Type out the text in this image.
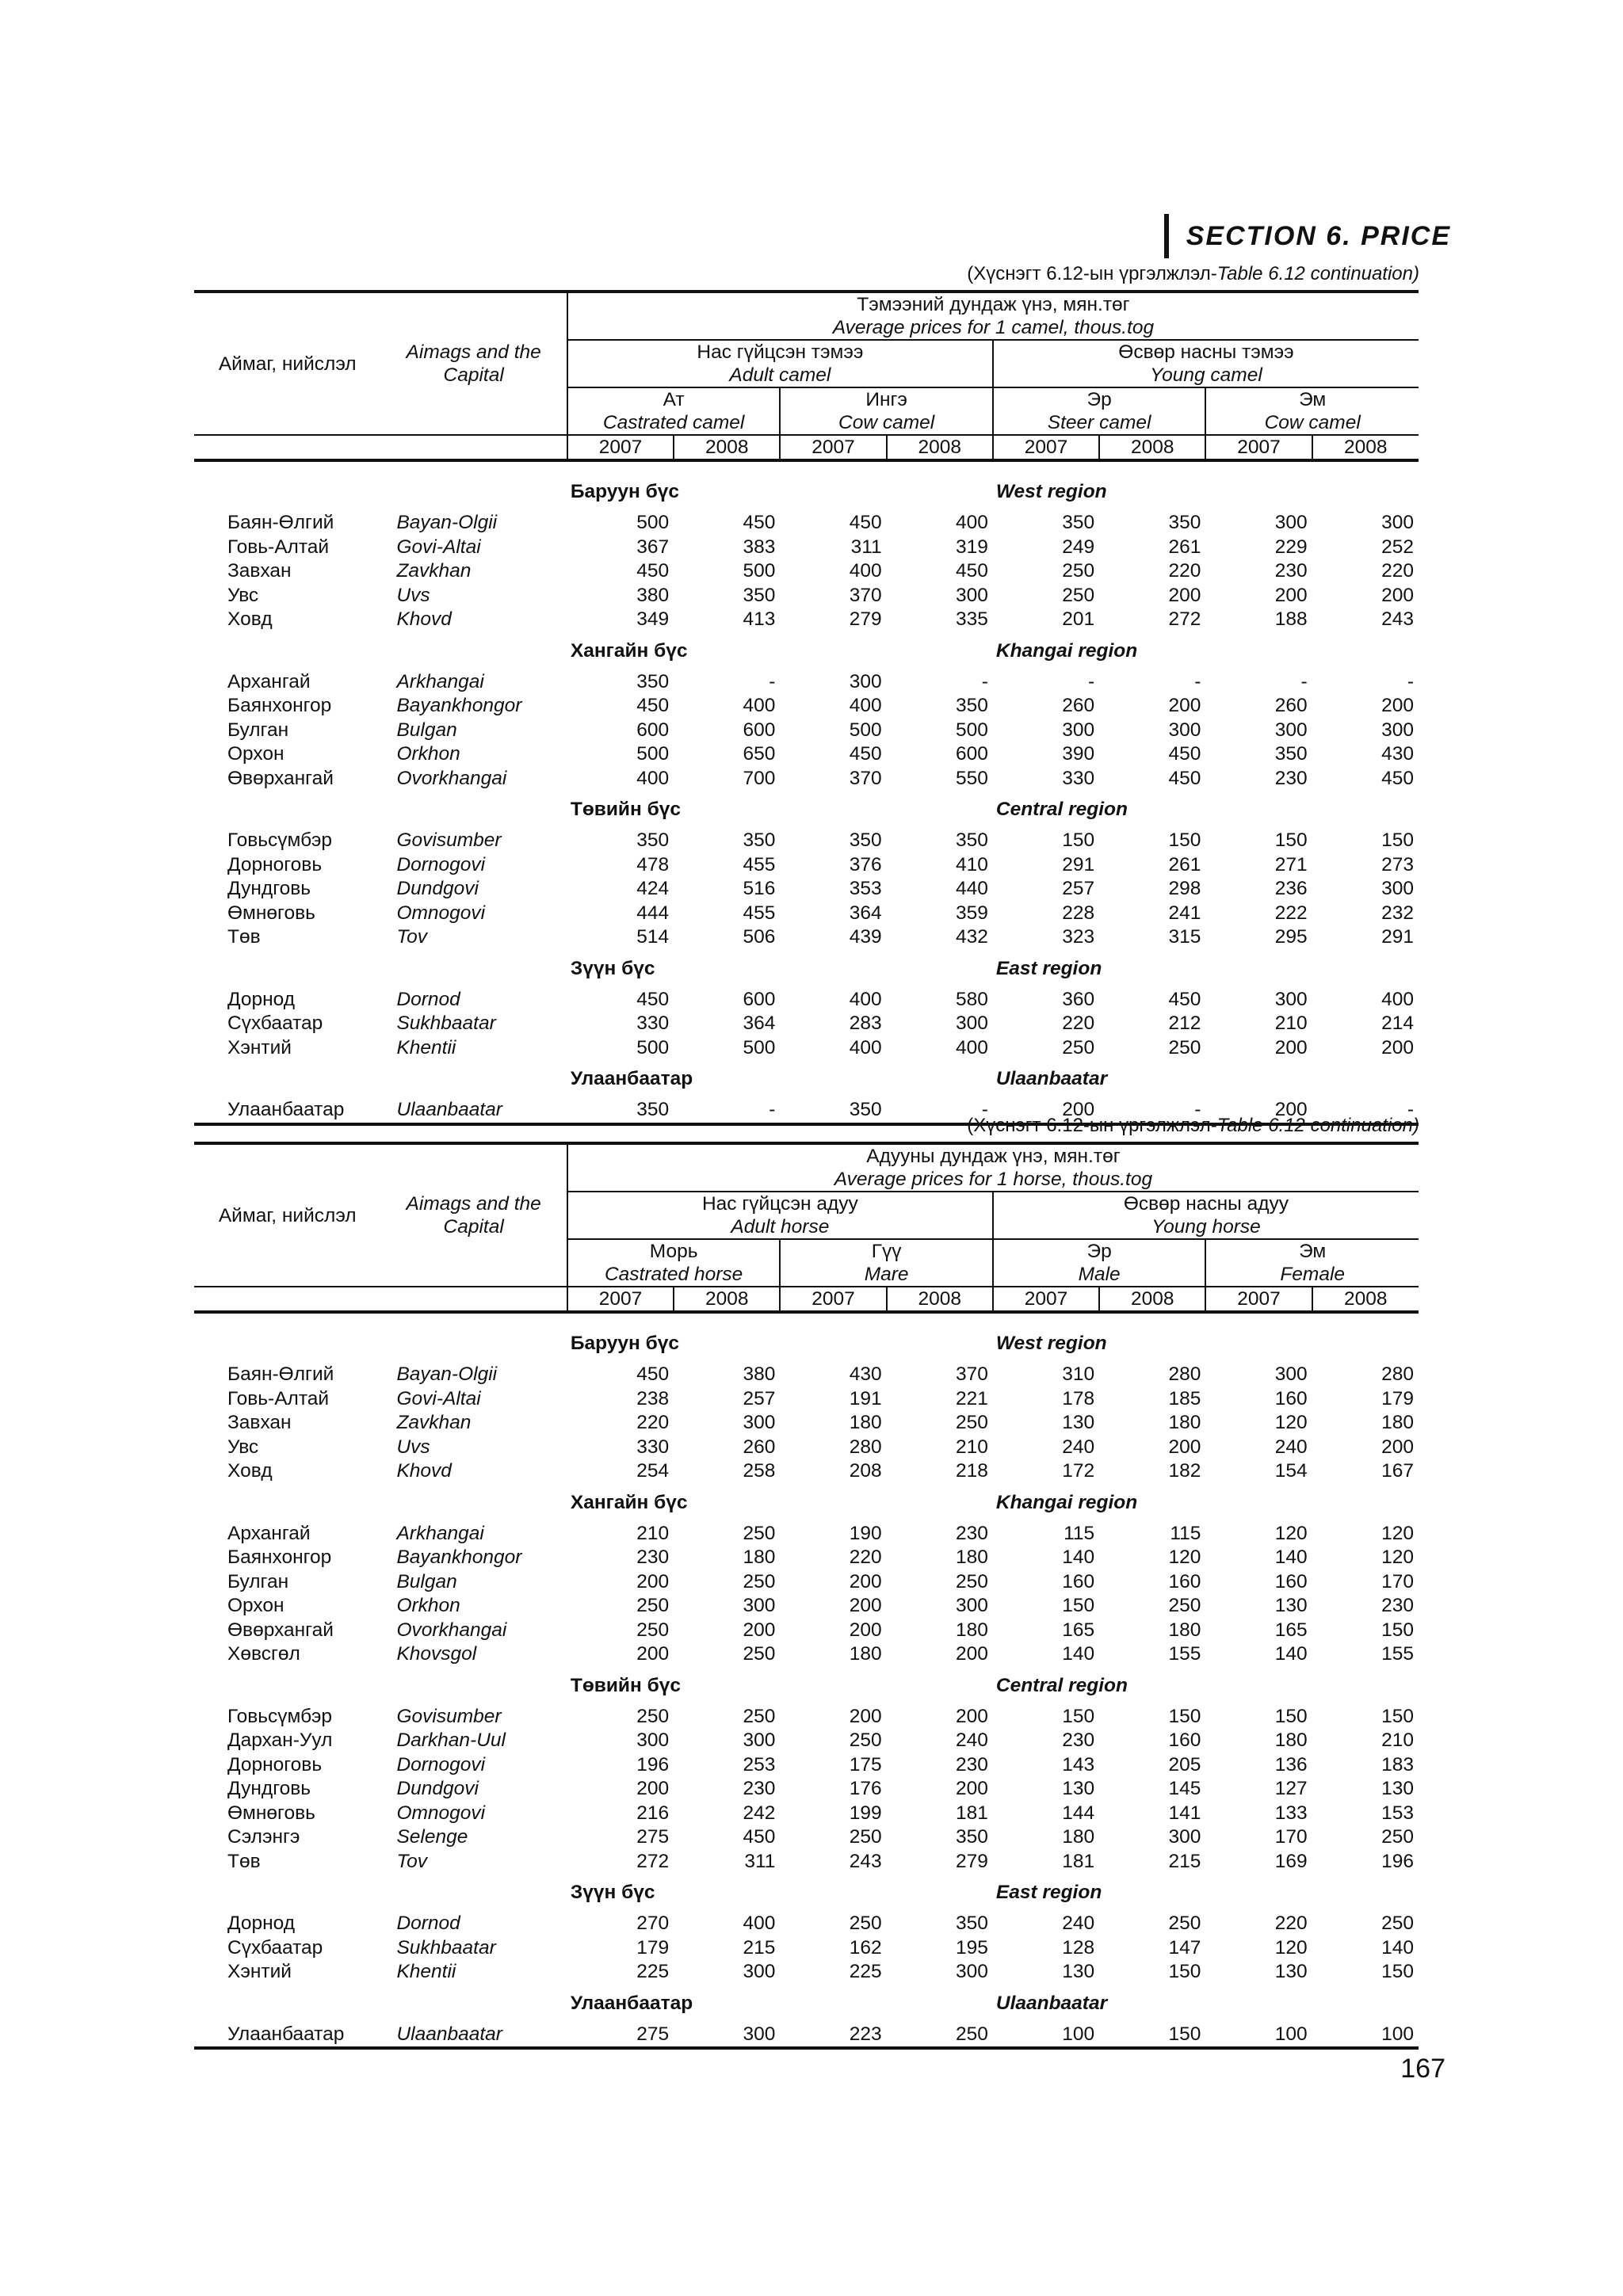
SECTION 6. PRICE
(Хүснэгт 6.12-ын үргэлжлэл-Table 6.12 continuation)
Аймаг, нийслэл	Aimags and the Capital	Тэмээний дундаж үнэ, мян.төг							
		Average prices for 1 camel, thous.tog							
		Нас гүйцсэн тэмээ				Өсвөр насны тэмээ			
		Adult camel				Young camel			
		Ат		Ингэ		Эр		Эм	
		Castrated camel		Cow camel		Steer camel		Cow camel	
		2007	2008	2007	2008	2007	2008	2007	2008

		Баруун бүс				West region			
Баян-Өлгий	Bayan-Olgii	500	450	450	400	350	350	300	300
Говь-Алтай	Govi-Altai	367	383	311	319	249	261	229	252
Завхан	Zavkhan	450	500	400	450	250	220	230	220
Увс	Uvs	380	350	370	300	250	200	200	200
Ховд	Khovd	349	413	279	335	201	272	188	243
		Хангайн бүс				Khangai region			
Архангай	Arkhangai	350	-	300	-	-	-	-	-
Баянхонгор	Bayankhongor	450	400	400	350	260	200	260	200
Булган	Bulgan	600	600	500	500	300	300	300	300
Орхон	Orkhon	500	650	450	600	390	450	350	430
Өвөрхангай	Ovorkhangai	400	700	370	550	330	450	230	450
		Төвийн бүс				Central region			
Говьсүмбэр	Govisumber	350	350	350	350	150	150	150	150
Дорноговь	Dornogovi	478	455	376	410	291	261	271	273
Дундговь	Dundgovi	424	516	353	440	257	298	236	300
Өмнөговь	Omnogovi	444	455	364	359	228	241	222	232
Төв	Tov	514	506	439	432	323	315	295	291
		Зүүн бүс				East region			
Дорнод	Dornod	450	600	400	580	360	450	300	400
Сүхбаатар	Sukhbaatar	330	364	283	300	220	212	210	214
Хэнтий	Khentii	500	500	400	400	250	250	200	200
		Улаанбаатар				Ulaanbaatar			
Улаанбаатар	Ulaanbaatar	350	-	350	-	200	-	200	-
(Хүснэгт 6.12-ын үргэлжлэл-Table 6.12 continuation)
Аймаг, нийслэл	Aimags and the Capital	Адууны дундаж үнэ, мян.төг							
		Average prices for 1 horse, thous.tog							
		Нас гүйцсэн адуу				Өсвөр насны адуу			
		Adult horse				Young horse			
		Морь		Гүү		Эр		Эм	
		Castrated horse		Mare		Male		Female	
		2007	2008	2007	2008	2007	2008	2007	2008

		Баруун бүс				West region			
Баян-Өлгий	Bayan-Olgii	450	380	430	370	310	280	300	280
Говь-Алтай	Govi-Altai	238	257	191	221	178	185	160	179
Завхан	Zavkhan	220	300	180	250	130	180	120	180
Увс	Uvs	330	260	280	210	240	200	240	200
Ховд	Khovd	254	258	208	218	172	182	154	167
		Хангайн бүс				Khangai region			
Архангай	Arkhangai	210	250	190	230	115	115	120	120
Баянхонгор	Bayankhongor	230	180	220	180	140	120	140	120
Булган	Bulgan	200	250	200	250	160	160	160	170
Орхон	Orkhon	250	300	200	300	150	250	130	230
Өвөрхангай	Ovorkhangai	250	200	200	180	165	180	165	150
Хөвсгөл	Khovsgol	200	250	180	200	140	155	140	155
		Төвийн бүс				Central region			
Говьсүмбэр	Govisumber	250	250	200	200	150	150	150	150
Дархан-Уул	Darkhan-Uul	300	300	250	240	230	160	180	210
Дорноговь	Dornogovi	196	253	175	230	143	205	136	183
Дундговь	Dundgovi	200	230	176	200	130	145	127	130
Өмнөговь	Omnogovi	216	242	199	181	144	141	133	153
Сэлэнгэ	Selenge	275	450	250	350	180	300	170	250
Төв	Tov	272	311	243	279	181	215	169	196
		Зүүн бүс				East region			
Дорнод	Dornod	270	400	250	350	240	250	220	250
Сүхбаатар	Sukhbaatar	179	215	162	195	128	147	120	140
Хэнтий	Khentii	225	300	225	300	130	150	130	150
		Улаанбаатар				Ulaanbaatar			
Улаанбаатар	Ulaanbaatar	275	300	223	250	100	150	100	100
167
